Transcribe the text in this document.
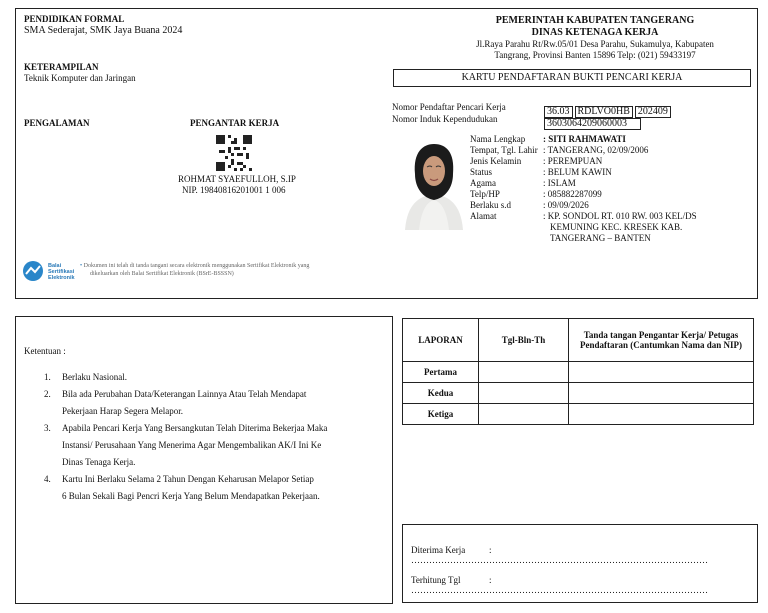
PENDIDIKAN FORMAL
SMA Sederajat, SMK Jaya Buana 2024
KETERAMPILAN
Teknik Komputer dan Jaringan
PENGALAMAN	PENGANTAR KERJA
ROHMAT SYAEFULLOH, S.IP
NIP. 19840816201001 1 006
Balai
Sertifikasi
Elektronik
• Dokumen ini telah di tanda tangani secara elektronik menggunakan Sertifikat Elektronik yang
dikeluarkan oleh Balai Sertifikat Elektronik (BSrE-BSSSN)
PEMERINTAH KABUPATEN TANGERANG
DINAS KETENAGA KERJA
Jl.Raya Parahu Rt/Rw.05/01 Desa Parahu, Sukamulya, Kabupaten
Tangrang, Provinsi Banten 15896 Telp: (021) 59433197
KARTU PENDAFTARAN BUKTI PENCARI KERJA
Nomor Pendaftar Pencari Kerja	36.03 RDLVO0HB 202409
Nomor Induk Kependudukan	3603064209060003
Nama Lengkap	: SITI RAHMAWATI
Tempat, Tgl. Lahir : TANGERANG, 02/09/2006
Jenis Kelamin	: PEREMPUAN
Status	: BELUM KAWIN
Agama	: ISLAM
Telp/HP	: 085882287099
Berlaku s.d	: 09/09/2026
Alamat	: KP. SONDOL RT. 010 RW. 003 KEL/DS
KEMUNING KEC. KRESEK KAB.
TANGERANG – BANTEN
Ketentuan :
1.	Berlaku Nasional.
2.	Bila ada Perubahan Data/Keterangan Lainnya Atau Telah Mendapat
Pekerjaan Harap Segera Melapor.
3.	Apabila Pencari Kerja Yang Bersangkutan Telah Diterima Bekerjaa Maka
Instansi/ Perusahaan Yang Menerima Agar Mengembalikan AK/I Ini Ke
Dinas Tenaga Kerja.
4.	Kartu Ini Berlaku Selama 2 Tahun Dengan Keharusan Melapor Setiap
6 Bulan Sekali Bagi Pencri Kerja Yang Belum Mendapatkan Pekerjaan.
LAPORAN	Tgl-Bln-Th	Tanda tangan Pengantar Kerja/ Petugas Pendaftaran (Cantumkan Nama dan NIP)
Pertama		
Kedua		
Ketiga		
Diterima Kerja	: ………………………………………………………………………………………
Terhitung Tgl	: ………………………………………………………………………………………
